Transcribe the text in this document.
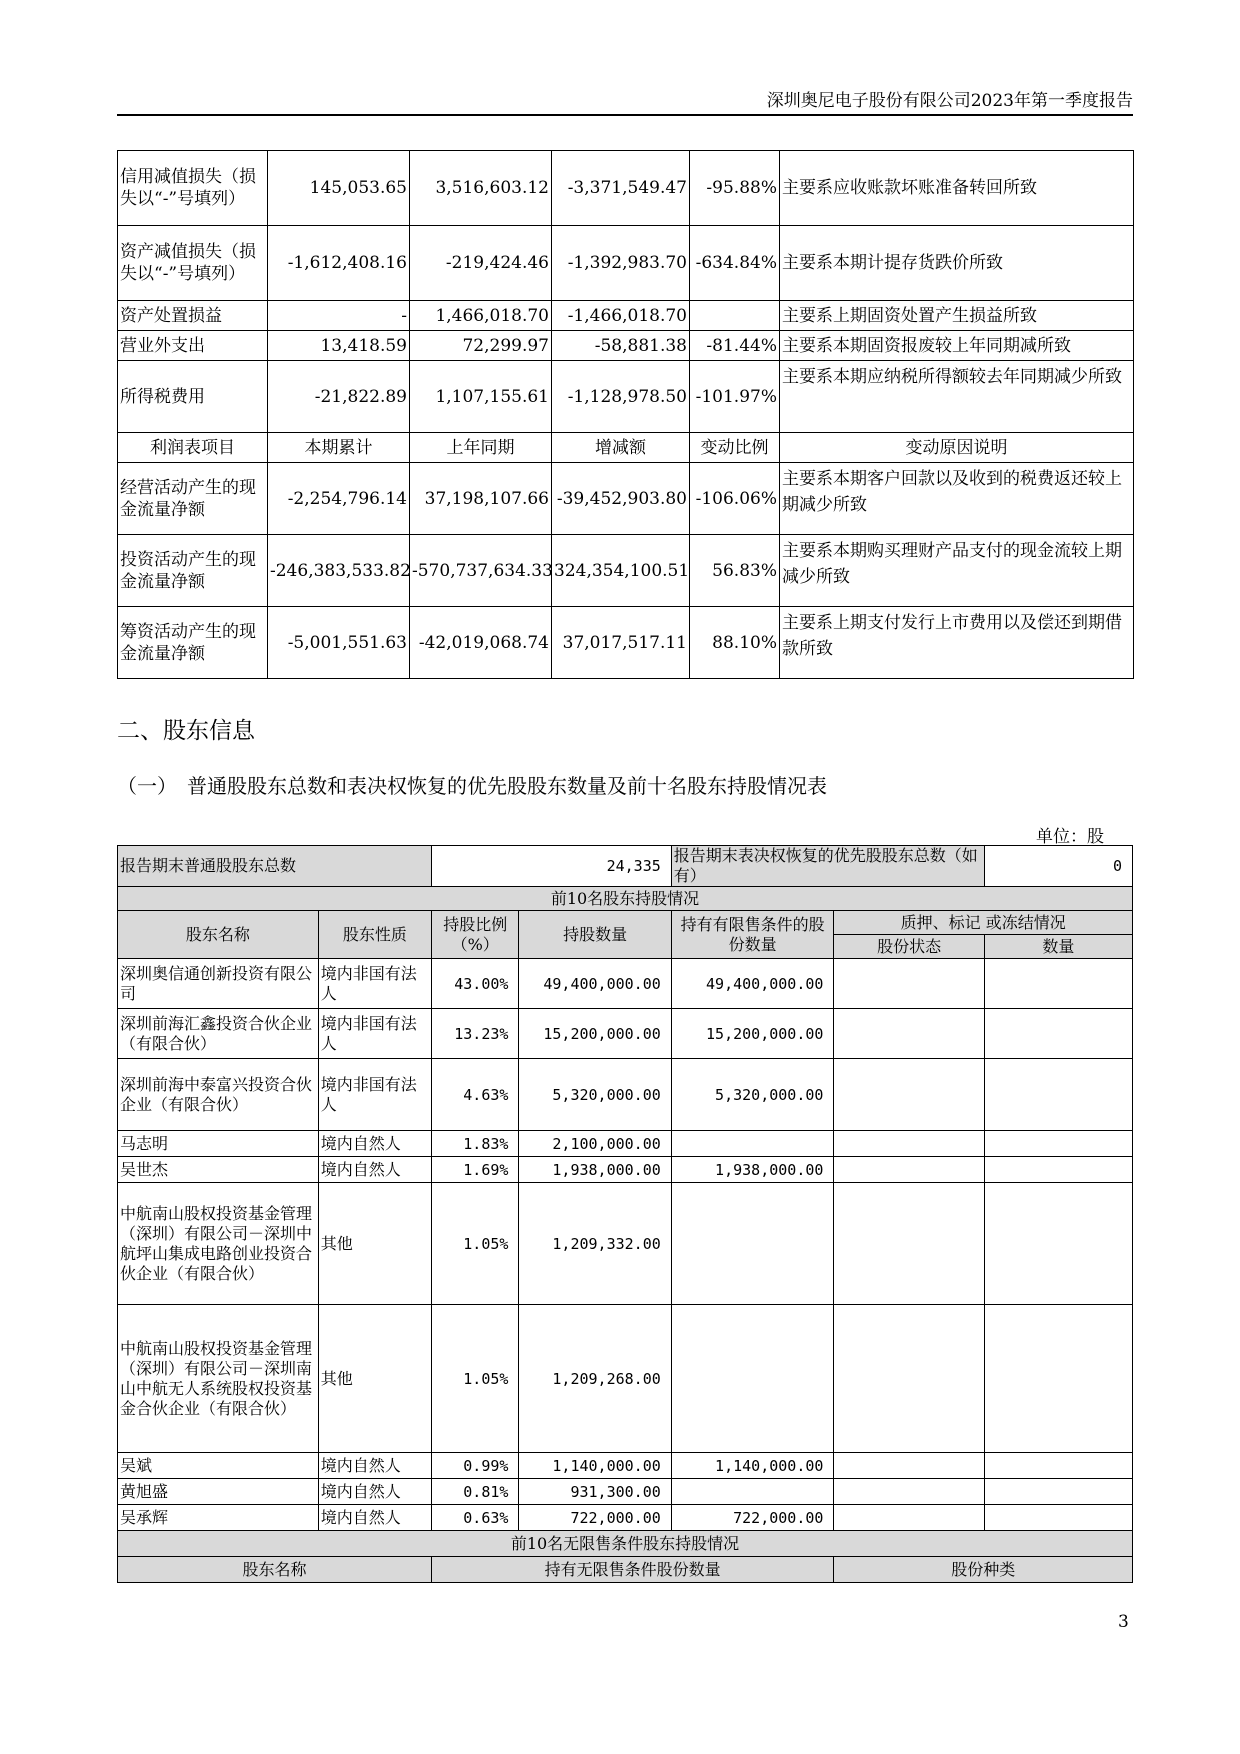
深圳奥尼电子股份有限公司2023年第一季度报告
信用减值损失（损失以“-”号填列）	145,053.65	3,516,603.12	-3,371,549.47	-95.88%	主要系应收账款坏账准备转回所致
资产减值损失（损失以“-”号填列）	-1,612,408.16	-219,424.46	-1,392,983.70	-634.84%	主要系本期计提存货跌价所致
资产处置损益	-	1,466,018.70	-1,466,018.70		主要系上期固资处置产生损益所致
营业外支出	13,418.59	72,299.97	-58,881.38	-81.44%	主要系本期固资报废较上年同期减所致
所得税费用	-21,822.89	1,107,155.61	-1,128,978.50	-101.97%	主要系本期应纳税所得额较去年同期减少所致
利润表项目	本期累计	上年同期	增减额	变动比例	变动原因说明
经营活动产生的现金流量净额	-2,254,796.14	37,198,107.66	-39,452,903.80	-106.06%	主要系本期客户回款以及收到的税费返还较上期减少所致
投资活动产生的现金流量净额	-246,383,533.82	-570,737,634.33	324,354,100.51	56.83%	主要系本期购买理财产品支付的现金流较上期减少所致
筹资活动产生的现金流量净额	-5,001,551.63	-42,019,068.74	37,017,517.11	88.10%	主要系上期支付发行上市费用以及偿还到期借款所致
二、股东信息
（一）　普通股股东总数和表决权恢复的优先股股东数量及前十名股东持股情况表
单位：股
报告期末普通股股东总数		24,335		报告期末表决权恢复的优先股股东总数（如有）		0
前10名股东持股情况						
股东名称	股东性质	持股比例（%）	持股数量	持有有限售条件的股份数量	质押、标记 或冻结情况	
					股份状态	数量
深圳奥信通创新投资有限公司	境内非国有法人	43.00%	49,400,000.00	49,400,000.00		
深圳前海汇鑫投资合伙企业（有限合伙）	境内非国有法人	13.23%	15,200,000.00	15,200,000.00		
深圳前海中泰富兴投资合伙企业（有限合伙）	境内非国有法人	4.63%	5,320,000.00	5,320,000.00		
马志明	境内自然人	1.83%	2,100,000.00			
吴世杰	境内自然人	1.69%	1,938,000.00	1,938,000.00		
中航南山股权投资基金管理（深圳）有限公司－深圳中航坪山集成电路创业投资合伙企业（有限合伙）	其他	1.05%	1,209,332.00			
中航南山股权投资基金管理（深圳）有限公司－深圳南山中航无人系统股权投资基金合伙企业（有限合伙）	其他	1.05%	1,209,268.00			
吴斌	境内自然人	0.99%	1,140,000.00	1,140,000.00		
黄旭盛	境内自然人	0.81%	931,300.00			
吴承辉	境内自然人	0.63%	722,000.00	722,000.00		
前10名无限售条件股东持股情况						
股东名称		持有无限售条件股份数量			股份种类	
3
